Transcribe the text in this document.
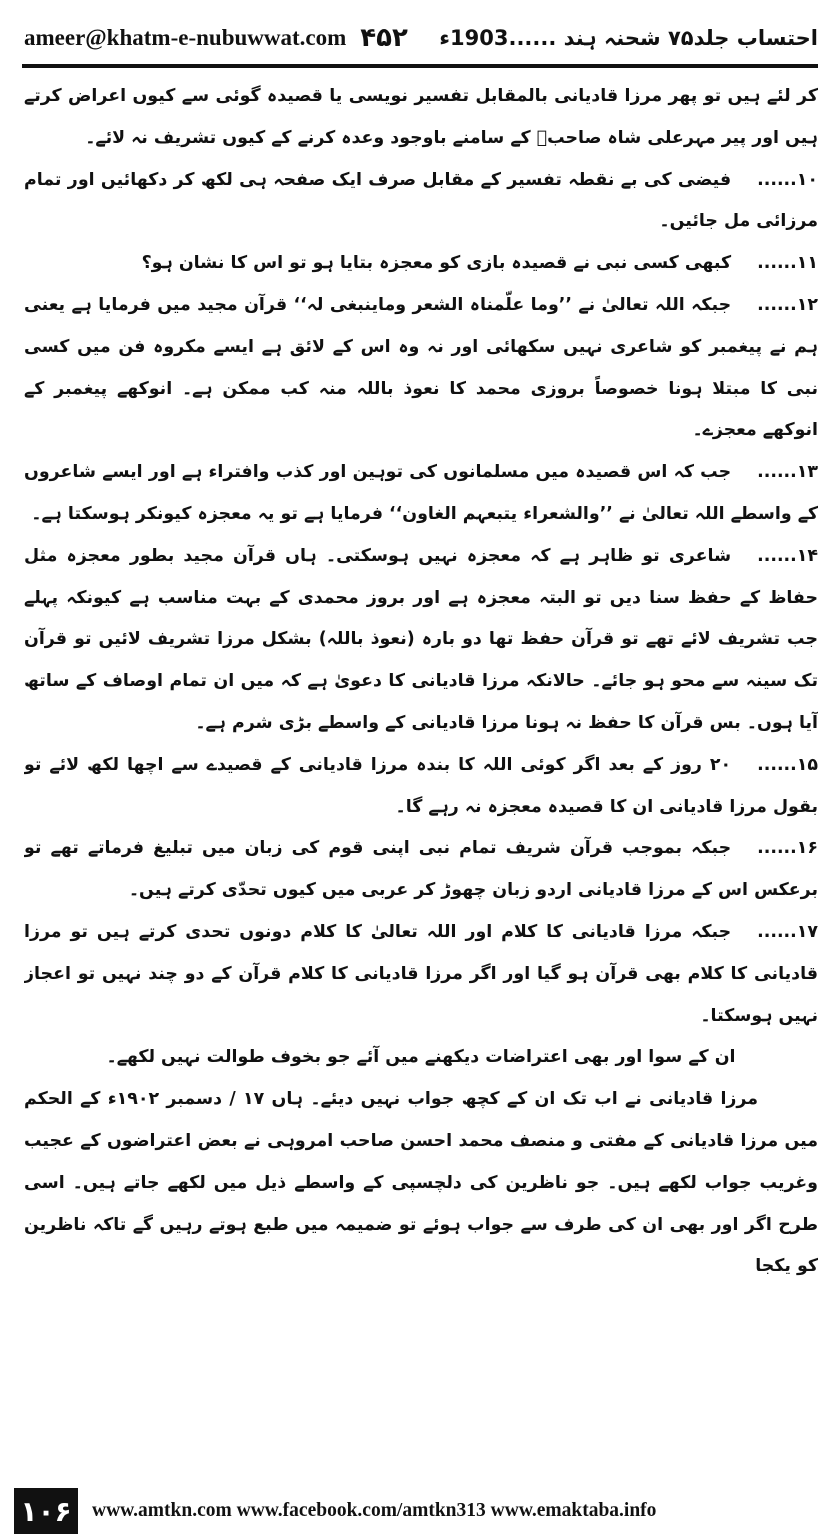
ameer@khatm-e-nubuwwat.com ۴۵۲ احتساب جلد۷۵ شحنہ ہند ......1903ء

کر لئے ہیں تو پھر مرزا قادیانی بالمقابل تفسیر نویسی یا قصیدہ گوئی سے کیوں اعراض کرتے ہیں اور پیر مہرعلی شاہ صاحبؒ کے سامنے باوجود وعدہ کرنے کے کیوں تشریف نہ لائے۔

۱۰......فیضی کی بے نقطہ تفسیر کے مقابل صرف ایک صفحہ ہی لکھ کر دکھائیں اور تمام مرزائی مل جائیں۔

۱۱......کبھی کسی نبی نے قصیدہ بازی کو معجزہ بتایا ہو تو اس کا نشان ہو؟

۱۲......جبکہ اللہ تعالیٰ نے ’’وما علّمناہ الشعر وماینبغی لہ‘‘ قرآن مجید میں فرمایا ہے یعنی ہم نے پیغمبر کو شاعری نہیں سکھائی اور نہ وہ اس کے لائق ہے ایسے مکروہ فن میں کسی نبی کا مبتلا ہونا خصوصاً بروزی محمد کا نعوذ باللہ منہ کب ممکن ہے۔ انوکھے پیغمبر کے انوکھے معجزے۔

۱۳......جب کہ اس قصیدہ میں مسلمانوں کی توہین اور کذب وافتراء ہے اور ایسے شاعروں کے واسطے اللہ تعالیٰ نے ’’والشعراء یتبعہم الغاون‘‘ فرمایا ہے تو یہ معجزہ کیونکر ہوسکتا ہے۔

۱۴......شاعری تو ظاہر ہے کہ معجزہ نہیں ہوسکتی۔ ہاں قرآن مجید بطور معجزہ مثل حفاظ کے حفظ سنا دیں تو البتہ معجزہ ہے اور بروز محمدی کے بہت مناسب ہے کیونکہ پہلے جب تشریف لائے تھے تو قرآن حفظ تھا دو بارہ (نعوذ باللہ) بشکل مرزا تشریف لائیں تو قرآن تک سینہ سے محو ہو جائے۔ حالانکہ مرزا قادیانی کا دعویٰ ہے کہ میں ان تمام اوصاف کے ساتھ آیا ہوں۔ بس قرآن کا حفظ نہ ہونا مرزا قادیانی کے واسطے بڑی شرم ہے۔

۱۵......۲۰ روز کے بعد اگر کوئی اللہ کا بندہ مرزا قادیانی کے قصیدے سے اچھا لکھ لائے تو بقول مرزا قادیانی ان کا قصیدہ معجزہ نہ رہے گا۔

۱۶......جبکہ بموجب قرآن شریف تمام نبی اپنی قوم کی زبان میں تبلیغ فرماتے تھے تو برعکس اس کے مرزا قادیانی اردو زبان چھوڑ کر عربی میں کیوں تحدّی کرتے ہیں۔

۱۷......جبکہ مرزا قادیانی کا کلام اور اللہ تعالیٰ کا کلام دونوں تحدی کرتے ہیں تو مرزا قادیانی کا کلام بھی قرآن ہو گیا اور اگر مرزا قادیانی کا کلام قرآن کے دو چند نہیں تو اعجاز نہیں ہوسکتا۔

ان کے سوا اور بھی اعتراضات دیکھنے میں آئے جو بخوف طوالت نہیں لکھے۔

مرزا قادیانی نے اب تک ان کے کچھ جواب نہیں دیئے۔ ہاں ۱۷ / دسمبر ۱۹۰۲ء کے الحکم میں مرزا قادیانی کے مفتی و منصف محمد احسن صاحب امروہی نے بعض اعتراضوں کے عجیب وغریب جواب لکھے ہیں۔ جو ناظرین کی دلچسپی کے واسطے ذیل میں لکھے جاتے ہیں۔ اسی طرح اگر اور بھی ان کی طرف سے جواب ہوئے تو ضمیمہ میں طبع ہوتے رہیں گے تاکہ ناظرین کو یکجا

۱۰۶	www.amtkn.com www.facebook.com/amtkn313 www.emaktaba.info
